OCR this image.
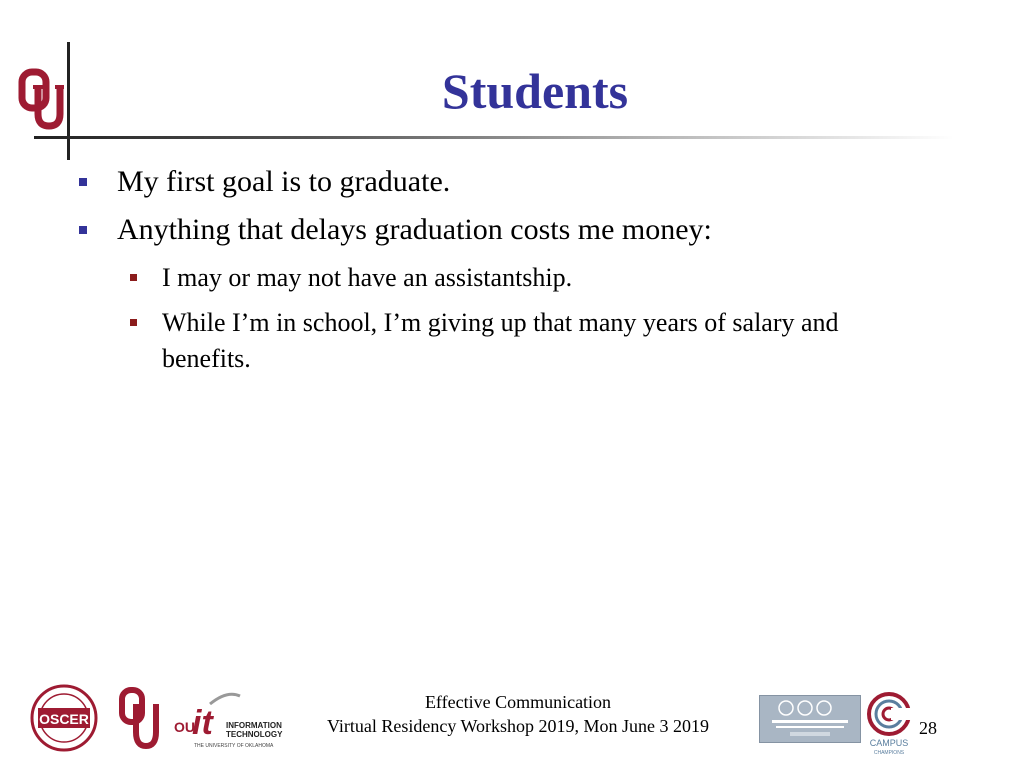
Students

My first goal is to graduate.

Anything that delays graduation costs me money:

I may or may not have an assistantship.

While I’m in school, I’m giving up that many years of salary and benefits.

OSCER	OU
it INFORMATION
TECHNOLOGY
THE UNIVERSITY OF OKLAHOMA
Effective Communication
Virtual Residency Workshop 2019, Mon June 3 2019
CAMPUS
CHAMPIONS
28
